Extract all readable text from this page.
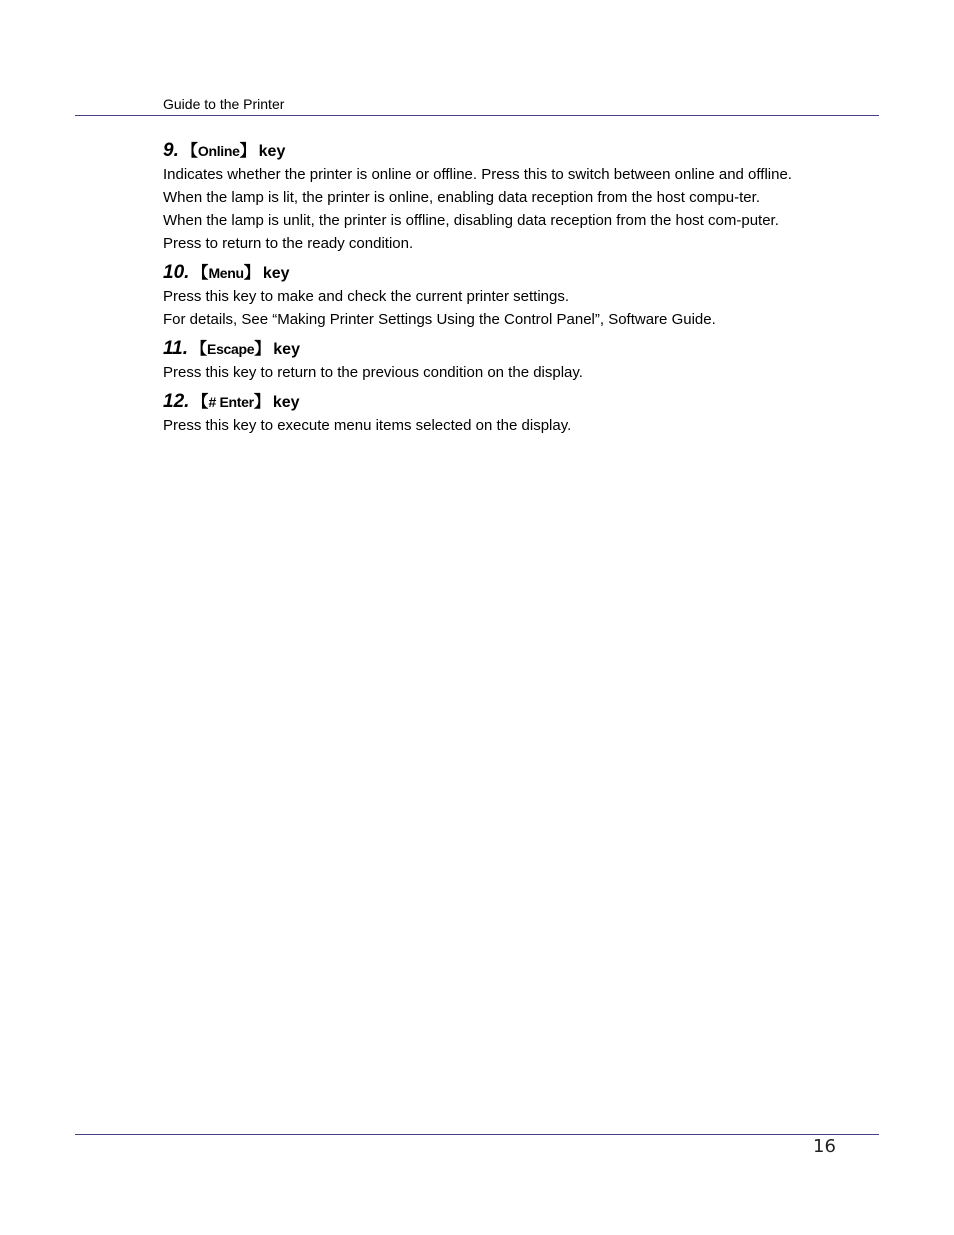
Guide to the Printer
9. 【Online】 key

Indicates whether the printer is online or offline. Press this to switch between online and offline.

When the lamp is lit, the printer is online, enabling data reception from the host compu-ter.

When the lamp is unlit, the printer is offline, disabling data reception from the host com-puter.

Press to return to the ready condition.

10. 【Menu】 key

Press this key to make and check the current printer settings.

For details, See “Making Printer Settings Using the Control Panel”, Software Guide.

11. 【Escape】 key

Press this key to return to the previous condition on the display.

12. 【# Enter】 key

Press this key to execute menu items selected on the display.

16
